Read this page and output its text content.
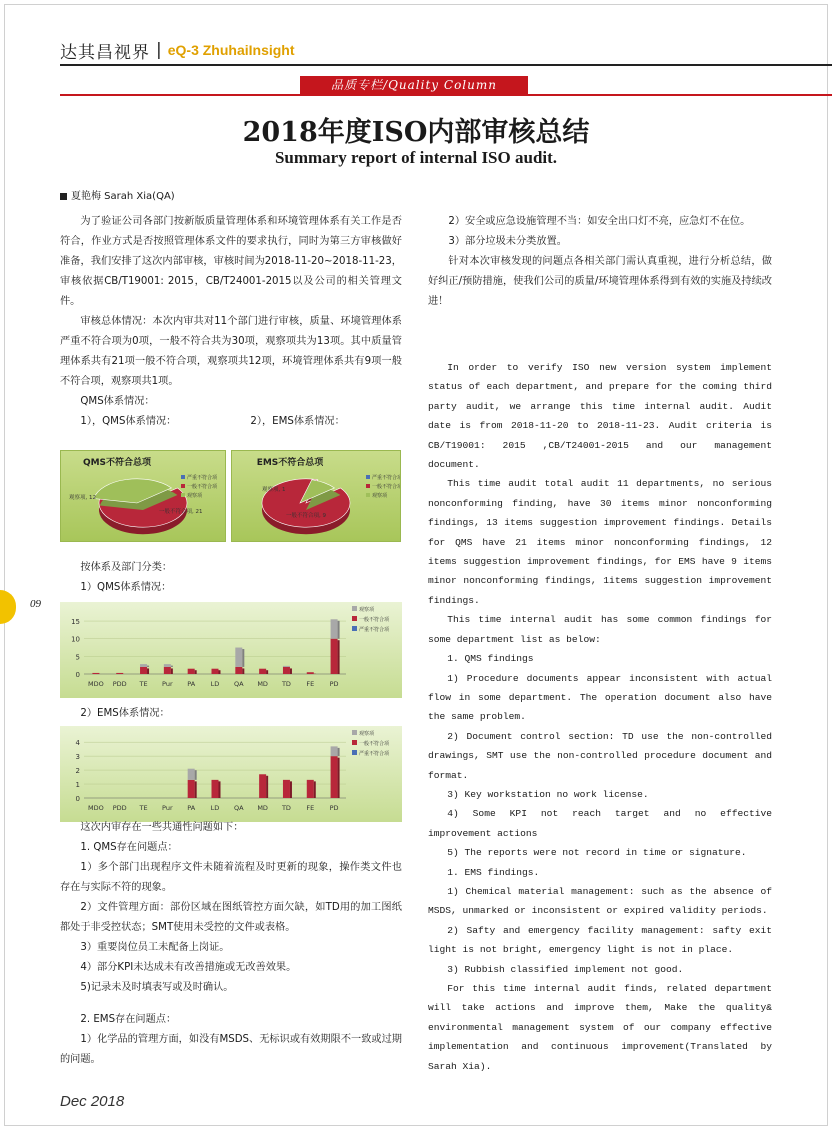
达其昌视界 | eQ-3 ZhuhaiInsight
品质专栏/Quality Column
2018年度ISO内部审核总结
Summary report of internal ISO audit.
夏艳梅 Sarah Xia(QA)

为了验证公司各部门按新版质量管理体系和环境管理体系有关工作是否符合，作业方式是否按照管理体系文件的要求执行，同时为第三方审核做好准备，我们安排了这次内部审核，审核时间为2018-11-20~2018-11-23，审核依据CB/T19001: 2015，CB/T24001-2015以及公司的相关管理文件。

审核总体情况：本次内审共对11个部门进行审核，质量、环境管理体系严重不符合项为0项，一般不符合共为30项，观察项共为13项。其中质量管理体系共有21项一般不符合项，观察项共12项，环境管理体系共有9项一般不符合项，观察项共1项。

QMS体系情况：

1），QMS体系情况：	2），EMS体系情况：

QMS不符合总项
一般不符合项, 21
观察项, 12
严重不符合项
一般不符合项
观察项
EMS不符合总项
一般不符合项, 9
观察项, 1
严重不符合项
一般不符合项
观察项

按体系及部门分类：

1）QMS体系情况：

0
5
10
15
MDO PDD TE Pur PA LD QA MD TD FE PD
观察项
一般不符合项
严重不符合项

2）EMS体系情况：

0
1
2
3
4
MDO PDD TE Pur PA LD QA MD TD FE PD
观察项
一般不符合项
严重不符合项

这次内审存在一些共通性问题如下：

1. QMS存在问题点：

1）多个部门出现程序文件未随着流程及时更新的现象，操作类文件也存在与实际不符的现象。

2）文件管理方面：部份区域在图纸管控方面欠缺，如TD用的加工图纸都处于非受控状态；SMT使用未受控的文件或表格。

3）重要岗位员工未配备上岗证。

4）部分KPI未达成未有改善措施或无改善效果。

5)记录未及时填表写或及时确认。

2. EMS存在问题点：

1）化学品的管理方面，如没有MSDS、无标识或有效期限不一致或过期的问题。

2）安全或应急设施管理不当：如安全出口灯不亮，应急灯不在位。

3）部分垃圾未分类放置。

针对本次审核发现的问题点各相关部门需认真重视，进行分析总结，做好纠正/预防措施，使我们公司的质量/环境管理体系得到有效的实施及持续改进！

In order to verify ISO new version system implement status of each department, and prepare for the coming third party audit, we arrange this time internal audit. Audit date is from 2018-11-20 to 2018-11-23. Audit criteria is CB/T19001: 2015 ,CB/T24001-2015 and our management document.

This time audit total audit 11 departments, no serious nonconforming finding, have 30 items minor nonconforming findings, 13 items suggestion improvement findings. Details for QMS have 21 items minor nonconforming findings, 12 items suggestion improvement findings, for EMS have 9 items minor nonconforming findings, 1items suggestion improvement findings.

This time internal audit has some common findings for some department list as below:

1. QMS findings

1) Procedure documents appear inconsistent with actual flow in some department. The operation document also have the same problem.

2) Document control section: TD use the non-controlled drawings, SMT use the non-controlled procedure document and format.

3) Key workstation no work license.

4) Some KPI not reach target and no effective improvement actions

5) The reports were not record in time or signature.

1. EMS findings.

1) Chemical material management: such as the absence of MSDS, unmarked or inconsistent or expired validity periods.

2) Safty and emergency facility management: safty exit light is not bright, emergency light is not in place.

3) Rubbish classified implement not good.

For this time internal audit finds, related department will take actions and improve them, Make the quality& environmental management system of our company effective implementation and continuous improvement(Translated by Sarah Xia).

09
Dec 2018
